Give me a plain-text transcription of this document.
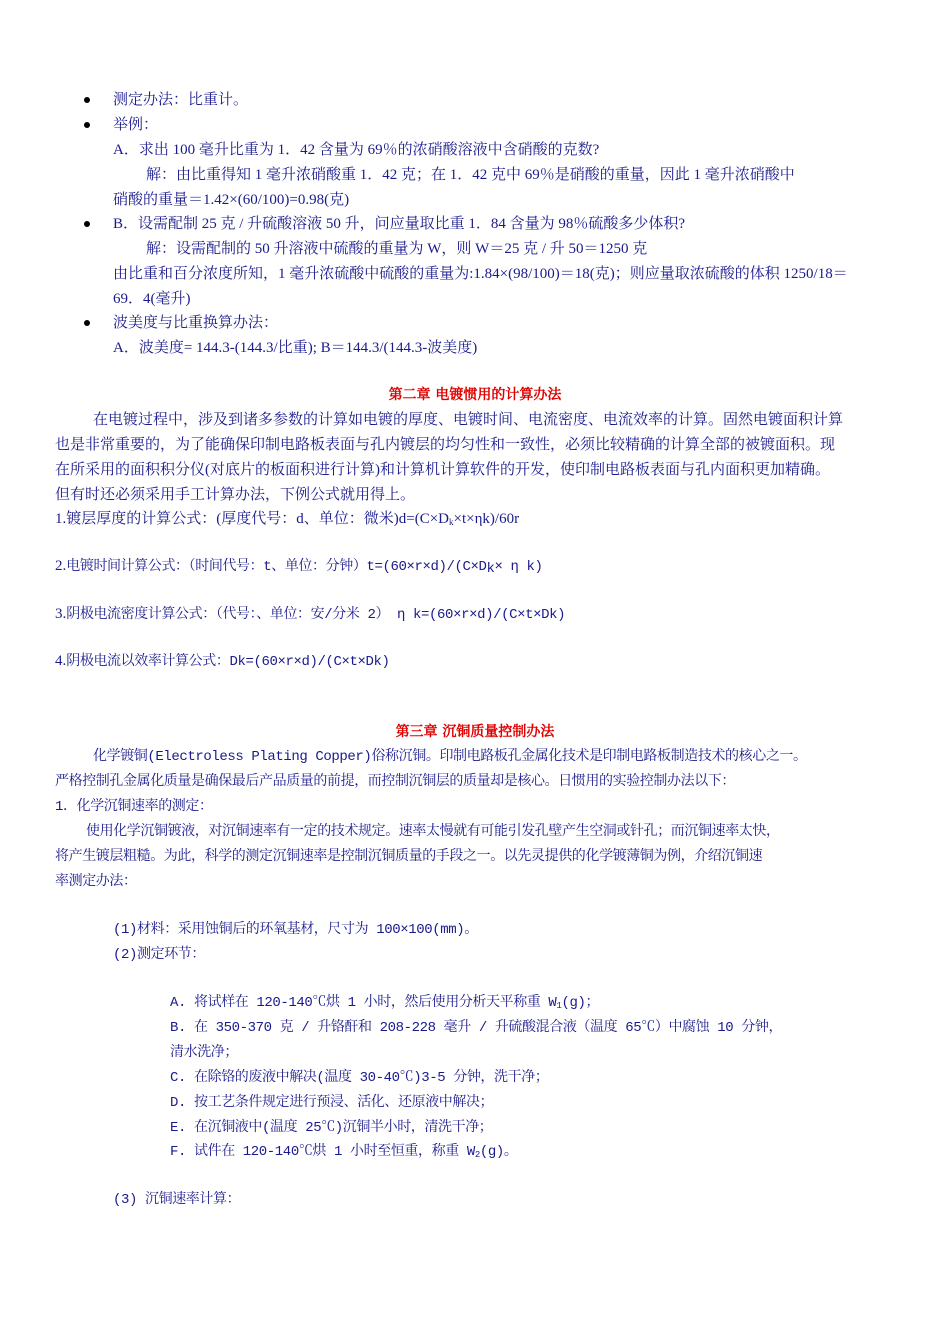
测定办法：比重计。
举例：
A．求出 100 毫升比重为 1．42 含量为 69％的浓硝酸溶液中含硝酸的克数?
解：由比重得知 1 毫升浓硝酸重 1．42 克；在 1．42 克中 69％是硝酸的重量，因此 1 毫升浓硝酸中
硝酸的重量＝1.42×(60/100)=0.98(克)
B．设需配制 25 克 / 升硫酸溶液 50 升，问应量取比重 1．84 含量为 98％硫酸多少体积?
解：设需配制的 50 升溶液中硫酸的重量为 W，则 W＝25 克 / 升 50＝1250 克
由比重和百分浓度所知，1 毫升浓硫酸中硫酸的重量为:1.84×(98/100)＝18(克)；则应量取浓硫酸的体积 1250/18＝
69．4(毫升)
波美度与比重换算办法：
A．波美度= 144.3-(144.3/比重); B＝144.3/(144.3-波美度)
第二章 电镀惯用的计算办法
在电镀过程中，涉及到诸多参数的计算如电镀的厚度、电镀时间、电流密度、电流效率的计算。固然电镀面积计算
也是非常重要的，为了能确保印制电路板表面与孔内镀层的均匀性和一致性，必须比较精确的计算全部的被镀面积。现
在所采用的面积积分仪(对底片的板面积进行计算)和计算机计算软件的开发，使印制电路板表面与孔内面积更加精确。
但有时还必须采用手工计算办法，下例公式就用得上。
1.镀层厚度的计算公式：(厚度代号：d、单位：微米)$d=(C\times D_k\times t\times\eta k)/60r$
2.电镀时间计算公式：（时间代号：t、单位：分钟）$t=(60\times r\times d)/(C\times D_k\times \eta$ k)
3.阴极电流密度计算公式：（代号：、单位：安/分米 2） η k=(60×r×d)/(C×t×Dk)
4.阴极电流以效率计算公式：Dk=(60×r×d)/(C×t×Dk)
第三章 沉铜质量控制办法
化学镀铜(Electroless Plating Copper)俗称沉铜。印制电路板孔金属化技术是印制电路板制造技术的核心之一。
严格控制孔金属化质量是确保最后产品质量的前提，而控制沉铜层的质量却是核心。日惯用的实验控制办法以下：
1．化学沉铜速率的测定：
使用化学沉铜镀液，对沉铜速率有一定的技术规定。速率太慢就有可能引发孔壁产生空洞或针孔；而沉铜速率太快，
将产生镀层粗糙。为此，科学的测定沉铜速率是控制沉铜质量的手段之一。以先灵提供的化学镀薄铜为例，介绍沉铜速
率测定办法：
(1)材料：采用蚀铜后的环氧基材，尺寸为 100×100(mm)。
(2)测定环节：
A. 将试样在 120-140℃烘 1 小时，然后使用分析天平称重 $W_1(g)$；
B. 在 350-370 克 / 升铬酐和 208-228 毫升 / 升硫酸混合液（温度 65℃）中腐蚀 10 分钟，
清水洗净；
C. 在除铬的废液中解决(温度 30-40℃)3-5 分钟，洗干净；
D. 按工艺条件规定进行预浸、活化、还原液中解决；
E. 在沉铜液中(温度 25℃)沉铜半小时，清洗干净；
F. 试件在 120-140℃烘 1 小时至恒重，称重 $W_2(g)$。
(3) 沉铜速率计算：
